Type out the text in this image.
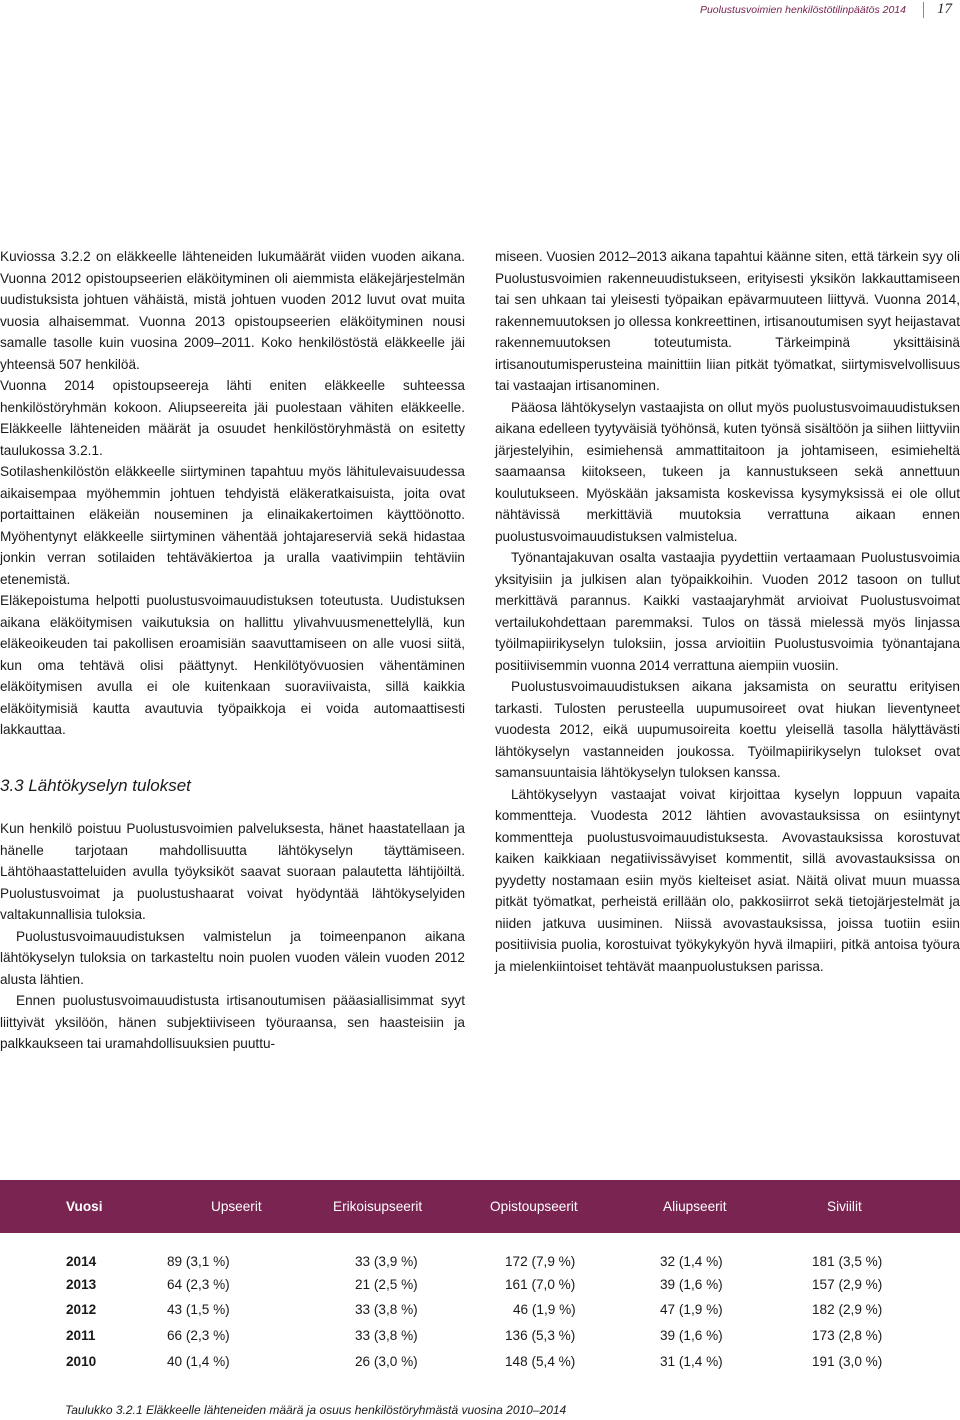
Puolustusvoimien henkilöstötilinpäätös 2014 17

Kuviossa 3.2.2 on eläkkeelle lähteneiden lukumäärät viiden vuoden aikana. Vuonna 2012 opistoupseerien eläköityminen oli aiemmista eläkejärjestelmän uudistuksista johtuen vähäistä, mistä johtuen vuoden 2012 luvut ovat muita vuosia alhaisemmat. Vuonna 2013 opistoupseerien eläköityminen nousi samalle tasolle kuin vuosina 2009–2011. Koko henkilöstöstä eläkkeelle jäi yhteensä 507 henkilöä.

Vuonna 2014 opistoupseereja lähti eniten eläkkeelle suhteessa henkilöstöryhmän kokoon. Aliupseereita jäi puolestaan vähiten eläkkeelle. Eläkkeelle lähteneiden määrät ja osuudet henkilöstöryhmästä on esitetty taulukossa 3.2.1.

Sotilashenkilöstön eläkkeelle siirtyminen tapahtuu myös lähitulevaisuudessa aikaisempaa myöhemmin johtuen tehdyistä eläkeratkaisuista, joita ovat portaittainen eläkeiän nouseminen ja elinaikakertoimen käyttöönotto. Myöhentynyt eläkkeelle siirtyminen vähentää johtajareserviä sekä hidastaa jonkin verran sotilaiden tehtäväkiertoa ja uralla vaativimpiin tehtäviin etenemistä.

Eläkepoistuma helpotti puolustusvoimauudistuksen toteutusta. Uudistuksen aikana eläköitymisen vaikutuksia on hallittu ylivahvuusmenettelyllä, kun eläkeoikeuden tai pakollisen eroamisiän saavuttamiseen on alle vuosi siitä, kun oma tehtävä olisi päättynyt. Henkilötyövuosien vähentäminen eläköitymisen avulla ei ole kuitenkaan suoraviivaista, sillä kaikkia eläköitymisiä kautta avautuvia työpaikkoja ei voida automaattisesti lakkauttaa.

3.3 Lähtökyselyn tulokset

Kun henkilö poistuu Puolustusvoimien palveluksesta, hänet haastatellaan ja hänelle tarjotaan mahdollisuutta lähtökyselyn täyttämiseen. Lähtöhaastatteluiden avulla työyksiköt saavat suoraan palautetta lähtijöiltä. Puolustusvoimat ja puolustushaarat voivat hyödyntää lähtökyselyiden valtakunnallisia tuloksia.

Puolustusvoimauudistuksen valmistelun ja toimeenpanon aikana lähtökyselyn tuloksia on tarkasteltu noin puolen vuoden välein vuoden 2012 alusta lähtien.

Ennen puolustusvoimauudistusta irtisanoutumisen pääasiallisimmat syyt liittyivät yksilöön, hänen subjektiiviseen työuraansa, sen haasteisiin ja palkkaukseen tai uramahdollisuuksien puuttu-

miseen. Vuosien 2012–2013 aikana tapahtui käänne siten, että tärkein syy oli Puolustusvoimien rakenneuudistukseen, erityisesti yksikön lakkauttamiseen tai sen uhkaan tai yleisesti työpaikan epävarmuuteen liittyvä. Vuonna 2014, rakennemuutoksen jo ollessa konkreettinen, irtisanoutumisen syyt heijastavat rakennemuutoksen toteutumista. Tärkeimpinä yksittäisinä irtisanoutumisperusteina mainittiin liian pitkät työmatkat, siirtymisvelvollisuus tai vastaajan irtisanominen.

Pääosa lähtökyselyn vastaajista on ollut myös puolustusvoimauudistuksen aikana edelleen tyytyväisiä työhönsä, kuten työnsä sisältöön ja siihen liittyviin järjestelyihin, esimiehensä ammattitaitoon ja johtamiseen, esimieheltä saamaansa kiitokseen, tukeen ja kannustukseen sekä annettuun koulutukseen. Myöskään jaksamista koskevissa kysymyksissä ei ole ollut nähtävissä merkittäviä muutoksia verrattuna aikaan ennen puolustusvoimauudistuksen valmistelua.

Työnantajakuvan osalta vastaajia pyydettiin vertaamaan Puolustusvoimia yksityisiin ja julkisen alan työpaikkoihin. Vuoden 2012 tasoon on tullut merkittävä parannus. Kaikki vastaajaryhmät arvioivat Puolustusvoimat vertailukohdettaan paremmaksi. Tulos on tässä mielessä myös linjassa työilmapiirikyselyn tuloksiin, jossa arvioitiin Puolustusvoimia työnantajana positiivisemmin vuonna 2014 verrattuna aiempiin vuosiin.

Puolustusvoimauudistuksen aikana jaksamista on seurattu erityisen tarkasti. Tulosten perusteella uupumusoireet ovat hiukan lieventyneet vuodesta 2012, eikä uupumusoireita koettu yleisellä tasolla hälyttävästi lähtökyselyn vastanneiden joukossa. Työilmapiirikyselyn tulokset ovat samansuuntaisia lähtökyselyn tuloksen kanssa.

Lähtökyselyyn vastaajat voivat kirjoittaa kyselyn loppuun vapaita kommentteja. Vuodesta 2012 lähtien avovastauksissa on esiintynyt kommentteja puolustusvoimauudistuksesta. Avovastauksissa korostuvat kaiken kaikkiaan negatiivissävyiset kommentit, sillä avovastauksissa on pyydetty nostamaan esiin myös kielteiset asiat. Näitä olivat muun muassa pitkät työmatkat, perheistä erillään olo, pakkosiirrot sekä tietojärjestelmät ja niiden jatkuva uusiminen. Niissä avovastauksissa, joissa tuotiin esiin positiivisia puolia, korostuivat työkykykyön hyvä ilmapiiri, pitkä antoisa työura ja mielenkiintoiset tehtävät maanpuolustuksen parissa.

Vuosi	Upseerit	Erikoisupseerit	Opistoupseerit	Aliupseerit	Siviilit
2014	89 (3,1 %)	33 (3,9 %)	172 (7,9 %)	32 (1,4 %)	181 (3,5 %)
2013	64 (2,3 %)	21 (2,5 %)	161 (7,0 %)	39 (1,6 %)	157 (2,9 %)
2012	43 (1,5 %)	33 (3,8 %)	46 (1,9 %)	47 (1,9 %)	182 (2,9 %)
2011	66 (2,3 %)	33 (3,8 %)	136 (5,3 %)	39 (1,6 %)	173 (2,8 %)
2010	40 (1,4 %)	26 (3,0 %)	148 (5,4 %)	31 (1,4 %)	191 (3,0 %)
Taulukko 3.2.1 Eläkkeelle lähteneiden määrä ja osuus henkilöstöryhmästä vuosina 2010–2014
